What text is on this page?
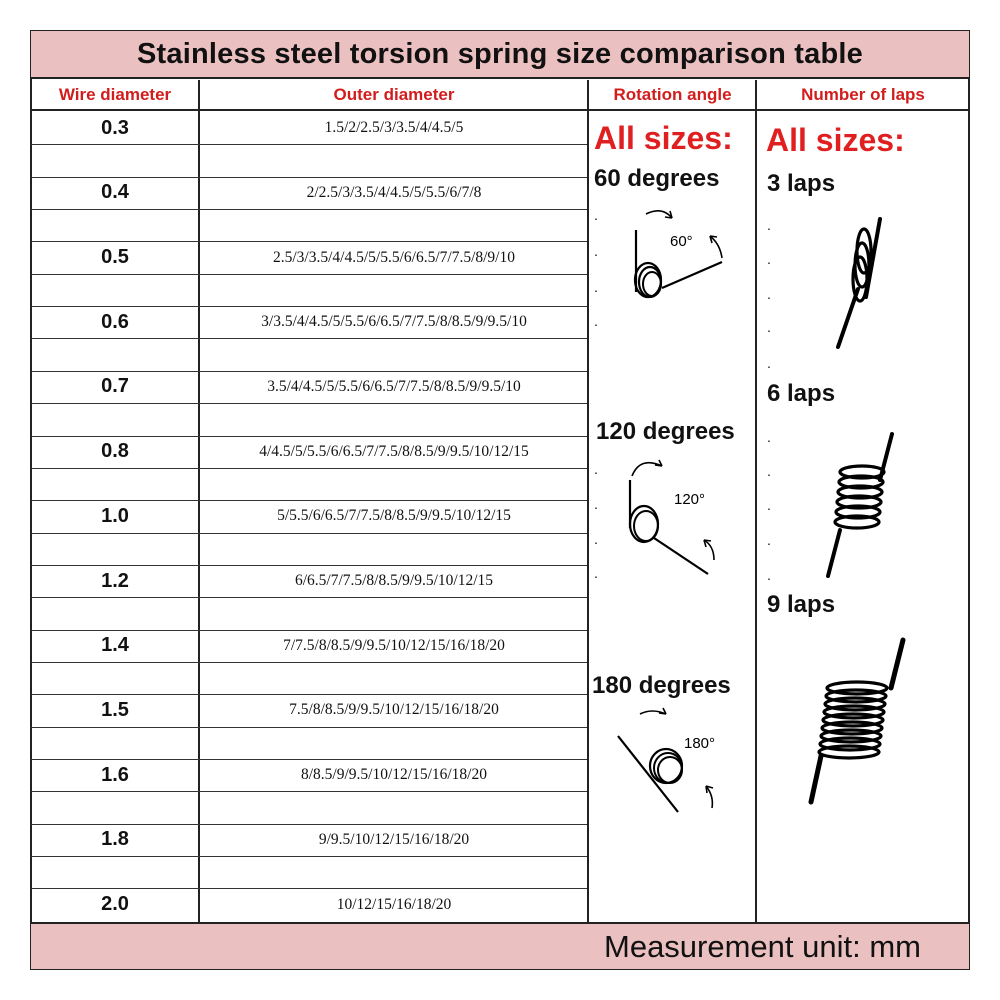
Stainless steel torsion spring size comparison table
Wire diameter	Outer diameter	Rotation angle	Number of laps
0.3	1.5/2/2.5/3/3.5/4/4.5/5
0.4	2/2.5/3/3.5/4/4.5/5/5.5/6/7/8
0.5	2.5/3/3.5/4/4.5/5/5.5/6/6.5/7/7.5/8/9/10
0.6	3/3.5/4/4.5/5/5.5/6/6.5/7/7.5/8/8.5/9/9.5/10
0.7	3.5/4/4.5/5/5.5/6/6.5/7/7.5/8/8.5/9/9.5/10
0.8	4/4.5/5/5.5/6/6.5/7/7.5/8/8.5/9/9.5/10/12/15
1.0	5/5.5/6/6.5/7/7.5/8/8.5/9/9.5/10/12/15
1.2	6/6.5/7/7.5/8/8.5/9/9.5/10/12/15
1.4	7/7.5/8/8.5/9/9.5/10/12/15/16/18/20
1.5	7.5/8/8.5/9/9.5/10/12/15/16/18/20
1.6	8/8.5/9/9.5/10/12/15/16/18/20
1.8	9/9.5/10/12/15/16/18/20
2.0	10/12/15/16/18/20
All sizes:
60 degrees
120 degrees
180 degrees
.
.
.
.
.
.
.
.
60°
120°
180°
All sizes:
3 laps
6 laps
9 laps
.
.
.
.
.
.
.
.
.
.
Measurement unit: mm
